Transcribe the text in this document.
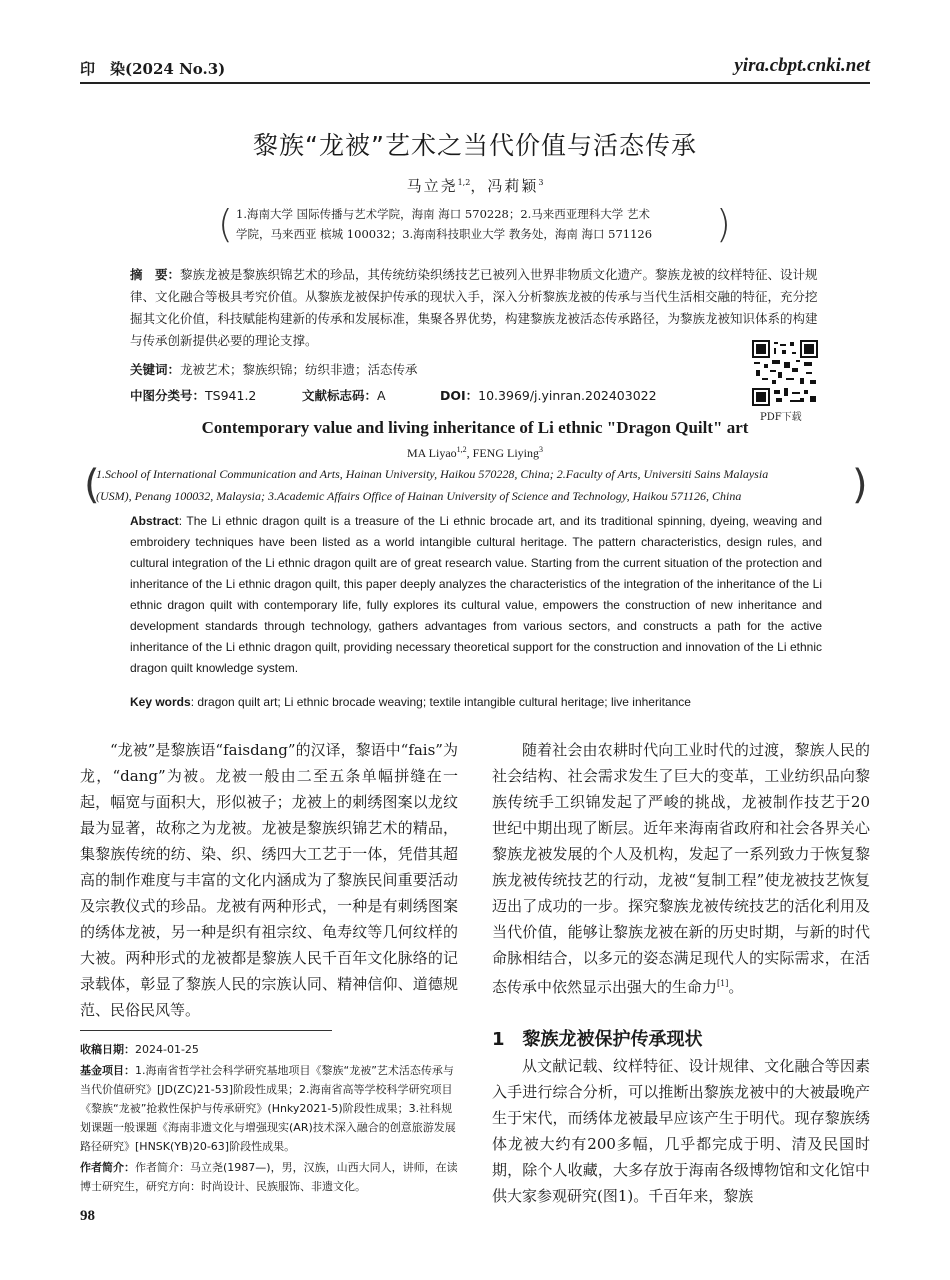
印　染(2024 No.3)	yira.cbpt.cnki.net
黎族“龙被”艺术之当代价值与活态传承
马立尧$^{1,2}$，冯莉颖$^3$
( 1.海南大学 国际传播与艺术学院，海南 海口 570228；2.马来西亚理科大学 艺术
学院，马来西亚 槟城 100032；3.海南科技职业大学 教务处，海南 海口 571126	)
摘　要：黎族龙被是黎族织锦艺术的珍品，其传统纺染织绣技艺已被列入世界非物质文化遗产。黎族龙被的纹样特征、设计规律、文化融合等极具考究价值。从黎族龙被保护传承的现状入手，深入分析黎族龙被的传承与当代生活相交融的特征，充分挖掘其文化价值，科技赋能构建新的传承和发展标准，集聚各界优势，构建黎族龙被活态传承路径，为黎族龙被知识体系的构建与传承创新提供必要的理论支撑。
关键词：龙被艺术；黎族织锦；纺织非遗；活态传承
中图分类号：TS941.2	文献标志码：A	DOI：10.3969/j.yinran.202403022
PDF下载
Contemporary value and living inheritance of Li ethnic "Dragon Quilt" art
MA Liyao$^{1,2}$, FENG Liying$^3$
(
1.School of International Communication and Arts, Hainan University, Haikou 570228, China; 2.Faculty of Arts, Universiti Sains Malaysia
(USM), Penang 100032, Malaysia; 3.Academic Affairs Office of Hainan University of Science and Technology, Haikou 571126, China	)
Abstract: The Li ethnic dragon quilt is a treasure of the Li ethnic brocade art, and its traditional spinning, dyeing, weaving and embroidery techniques have been listed as a world intangible cultural heritage. The pattern characteristics, design rules, and cultural integration of the Li ethnic dragon quilt are of great research value. Starting from the current situation of the protection and inheritance of the Li ethnic dragon quilt, this paper deeply analyzes the characteristics of the integration of the inheritance of the Li ethnic dragon quilt with contemporary life, fully explores its cultural value, empowers the construction of new inheritance and development standards through technology, gathers advantages from various sectors, and constructs a path for the active inheritance of the Li ethnic dragon quilt, providing necessary theoretical support for the construction and innovation of the Li ethnic dragon quilt knowledge system.
Key words: dragon quilt art; Li ethnic brocade weaving; textile intangible cultural heritage; live inheritance

“龙被”是黎族语“faisdang”的汉译，黎语中“fais”为龙，“dang”为被。龙被一般由二至五条单幅拼缝在一起，幅宽与面积大，形似被子；龙被上的刺绣图案以龙纹最为显著，故称之为龙被。龙被是黎族织锦艺术的精品，集黎族传统的纺、染、织、绣四大工艺于一体，凭借其超高的制作难度与丰富的文化内涵成为了黎族民间重要活动及宗教仪式的珍品。龙被有两种形式，一种是有刺绣图案的绣体龙被，另一种是织有祖宗纹、龟寿纹等几何纹样的大被。两种形式的龙被都是黎族人民千百年文化脉络的记录载体，彰显了黎族人民的宗族认同、精神信仰、道德规范、民俗民风等。

随着社会由农耕时代向工业时代的过渡，黎族人民的社会结构、社会需求发生了巨大的变革，工业纺织品向黎族传统手工织锦发起了严峻的挑战，龙被制作技艺于20世纪中期出现了断层。近年来海南省政府和社会各界关心黎族龙被发展的个人及机构，发起了一系列致力于恢复黎族龙被传统技艺的行动，龙被“复制工程”使龙被技艺恢复迈出了成功的一步。探究黎族龙被传统技艺的活化利用及当代价值，能够让黎族龙被在新的历史时期，与新的时代命脉相结合，以多元的姿态满足现代人的实际需求，在活态传承中依然显示出强大的生命力[1]。

收稿日期：2024-01-25

基金项目：1.海南省哲学社会科学研究基地项目《黎族“龙被”艺术活态传承与当代价值研究》[JD(ZC)21-53]阶段性成果；2.海南省高等学校科学研究项目《黎族“龙被”抢救性保护与传承研究》(Hnky2021-5)阶段性成果；3.社科规划课题一般课题《海南非遗文化与增强现实(AR)技术深入融合的创意旅游发展路径研究》[HNSK(YB)20-63]阶段性成果。

作者简介：作者简介：马立尧(1987—)，男，汉族，山西大同人，讲师，在读博士研究生，研究方向：时尚设计、民族服饰、非遗文化。

1 黎族龙被保护传承现状

从文献记载、纹样特征、设计规律、文化融合等因素入手进行综合分析，可以推断出黎族龙被中的大被最晚产生于宋代，而绣体龙被最早应该产生于明代。现存黎族绣体龙被大约有200多幅，几乎都完成于明、清及民国时期，除个人收藏，大多存放于海南各级博物馆和文化馆中供大家参观研究(图1)。千百年来，黎族

98
